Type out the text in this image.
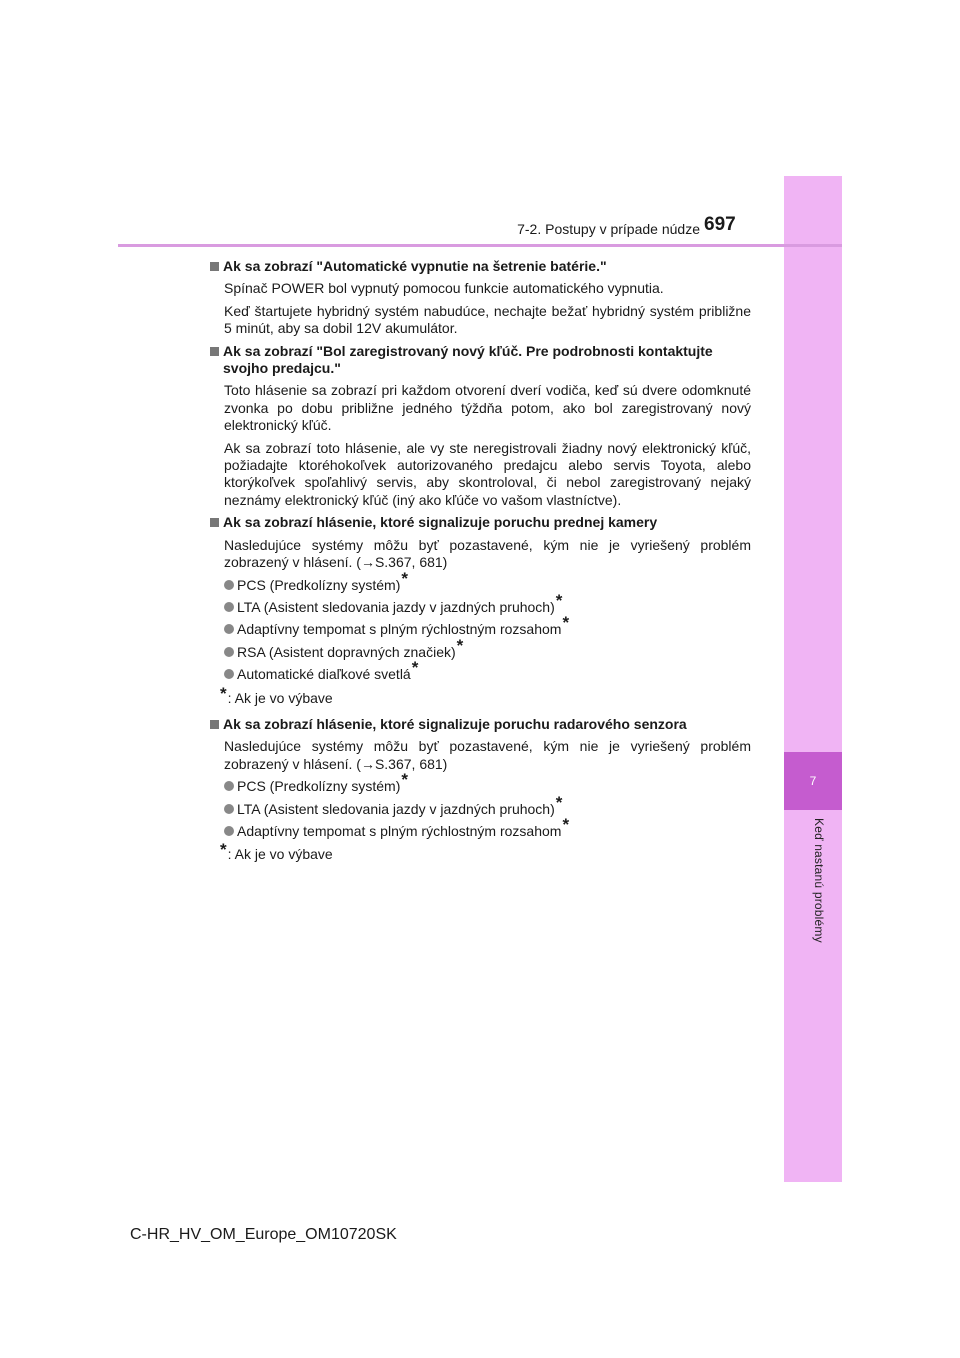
7
Keď nastanú problémy
7-2. Postupy v prípade núdze 697
Ak sa zobrazí "Automatické vypnutie na šetrenie batérie."
Spínač POWER bol vypnutý pomocou funkcie automatického vypnutia.
Keď štartujete hybridný systém nabudúce, nechajte bežať hybridný systém približne 5 minút, aby sa dobil 12V akumulátor.
Ak sa zobrazí "Bol zaregistrovaný nový kľúč. Pre podrobnosti kontaktujte svojho predajcu."
Toto hlásenie sa zobrazí pri každom otvorení dverí vodiča, keď sú dvere odomknuté zvonka po dobu približne jedného týždňa potom, ako bol zaregistrovaný nový elektronický kľúč.
Ak sa zobrazí toto hlásenie, ale vy ste neregistrovali žiadny nový elektronický kľúč, požiadajte ktoréhokoľvek autorizovaného predajcu alebo servis Toyota, alebo ktorýkoľvek spoľahlivý servis, aby skontroloval, či nebol zaregistrovaný nejaký neznámy elektronický kľúč (iný ako kľúče vo vašom vlastníctve).
Ak sa zobrazí hlásenie, ktoré signalizuje poruchu prednej kamery
Nasledujúce systémy môžu byť pozastavené, kým nie je vyriešený problém zobrazený v hlásení. (→S.367, 681)
PCS (Predkolízny systém)*
LTA (Asistent sledovania jazdy v jazdných pruhoch)*
Adaptívny tempomat s plným rýchlostným rozsahom*
RSA (Asistent dopravných značiek)*
Automatické diaľkové svetlá*
*: Ak je vo výbave
Ak sa zobrazí hlásenie, ktoré signalizuje poruchu radarového senzora
Nasledujúce systémy môžu byť pozastavené, kým nie je vyriešený problém zobrazený v hlásení. (→S.367, 681)
PCS (Predkolízny systém)*
LTA (Asistent sledovania jazdy v jazdných pruhoch)*
Adaptívny tempomat s plným rýchlostným rozsahom*
*: Ak je vo výbave
C-HR_HV_OM_Europe_OM10720SK
